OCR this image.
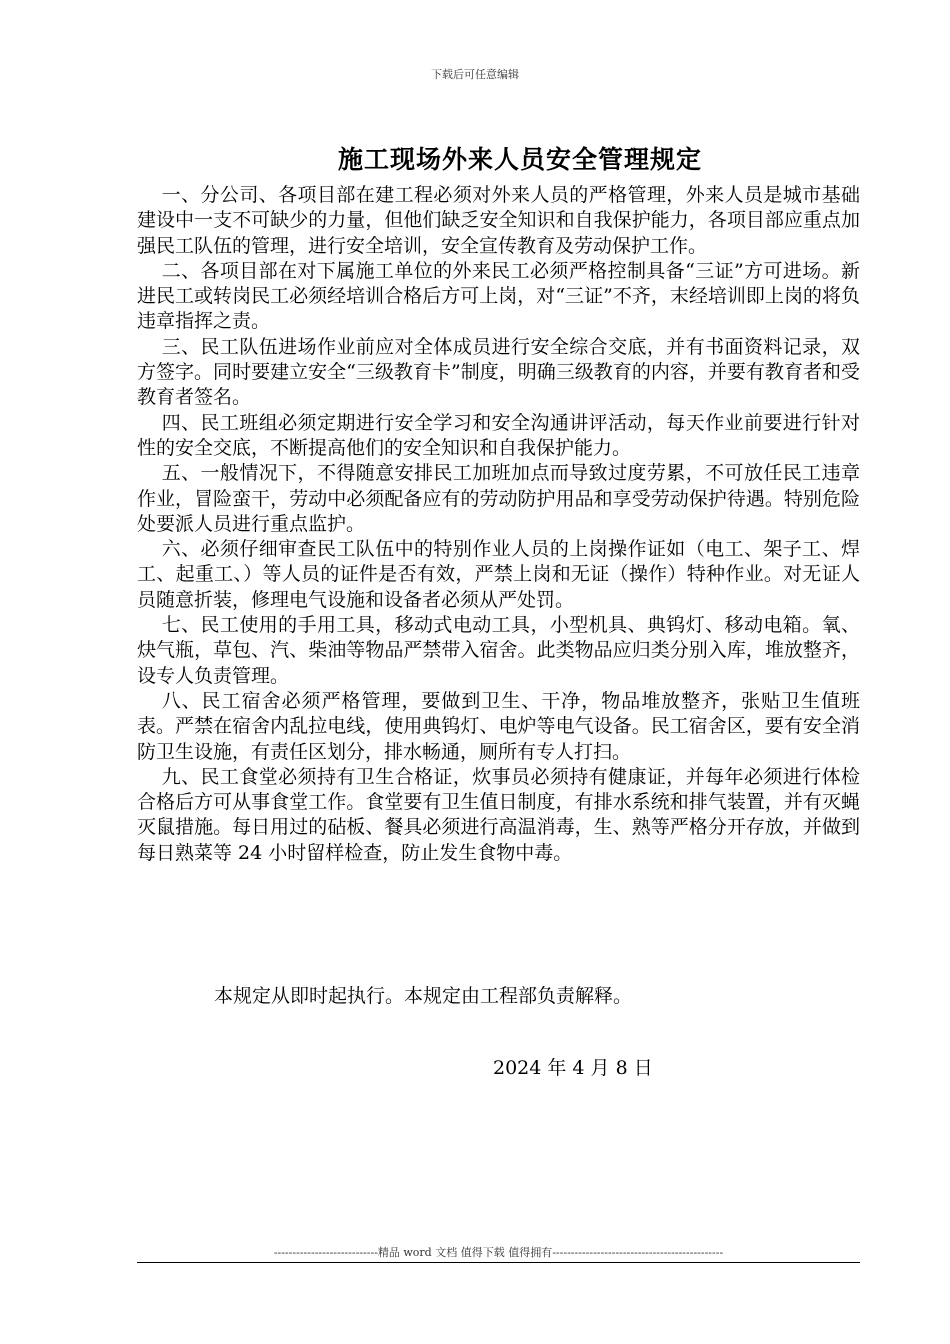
下载后可任意编辑
施工现场外来人员安全管理规定

一、分公司、各项目部在建工程必须对外来人员的严格管理，外来人员是城市基础建设中一支不可缺少的力量，但他们缺乏安全知识和自我保护能力，各项目部应重点加强民工队伍的管理，进行安全培训，安全宣传教育及劳动保护工作。

二、各项目部在对下属施工单位的外来民工必须严格控制具备“三证”方可进场。新进民工或转岗民工必须经培训合格后方可上岗，对“三证”不齐，末经培训即上岗的将负违章指挥之责。

三、民工队伍进场作业前应对全体成员进行安全综合交底，并有书面资料记录，双方签字。同时要建立安全“三级教育卡”制度，明确三级教育的内容，并要有教育者和受教育者签名。

四、民工班组必须定期进行安全学习和安全沟通讲评活动，每天作业前要进行针对性的安全交底，不断提高他们的安全知识和自我保护能力。

五、一般情况下，不得随意安排民工加班加点而导致过度劳累，不可放任民工违章作业，冒险蛮干，劳动中必须配备应有的劳动防护用品和享受劳动保护待遇。特别危险处要派人员进行重点监护。

六、必须仔细审查民工队伍中的特别作业人员的上岗操作证如（电工、架子工、焊工、起重工、）等人员的证件是否有效，严禁上岗和无证（操作）特种作业。对无证人员随意折装，修理电气设施和设备者必须从严处罚。

七、民工使用的手用工具，移动式电动工具，小型机具、典钨灯、移动电箱。氧、炔气瓶，草包、汽、柴油等物品严禁带入宿舍。此类物品应归类分别入库，堆放整齐，设专人负责管理。

八、民工宿舍必须严格管理，要做到卫生、干净，物品堆放整齐，张贴卫生值班表。严禁在宿舍内乱拉电线，使用典钨灯、电炉等电气设备。民工宿舍区，要有安全消防卫生设施，有责任区划分，排水畅通，厕所有专人打扫。

九、民工食堂必须持有卫生合格证，炊事员必须持有健康证，并每年必须进行体检合格后方可从事食堂工作。食堂要有卫生值日制度，有排水系统和排气装置，并有灭蝇灭鼠措施。每日用过的砧板、餐具必须进行高温消毒，生、熟等严格分开存放，并做到每日熟菜等 24 小时留样检查，防止发生食物中毒。

本规定从即时起执行。本规定由工程部负责解释。
2024 年 4 月 8 日
----------------------------精品 word 文档 值得下载 值得拥有----------------------------------------------
